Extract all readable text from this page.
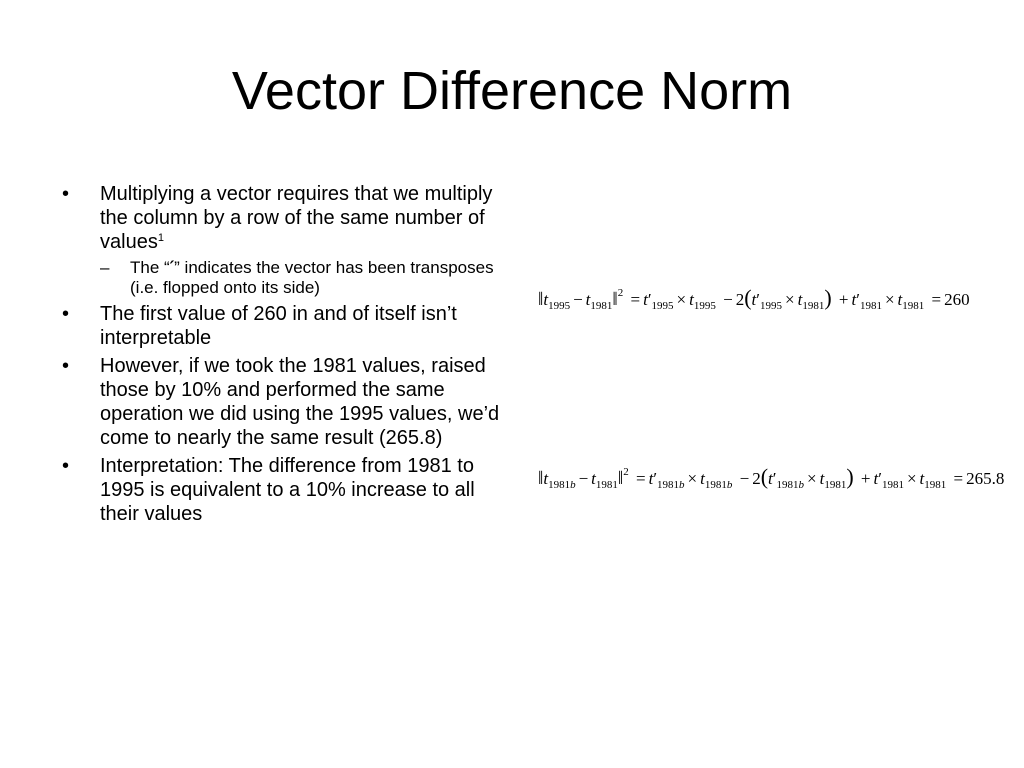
Vector Difference Norm
•	Multiplying a vector requires that we multiply the column by a row of the same number of values$^1$
–	The “′” indicates the vector has been transposes (i.e. flopped onto its side)
•	The first value of 260 in and of itself isn’t interpretable
•	However, if we took the 1981 values, raised those by 10% and performed the same operation we did using the 1995 values, we’d come to nearly the same result (265.8)
•	Interpretation: The difference from 1981 to 1995 is equivalent to a 10% increase to all their values
$‖t_{1995}$ − $t_{1981}‖^2 = t'_{1995} \times t_{1995} - 2(t'_{1995} \times t_{1981}) + t'_{1981} \times t_{1981} = 260$
$‖t_{1981b}$ − $t_{1981}‖^2 = t'_{1981b} \times t_{1981b} - 2(t'_{1981b} \times t_{1981}) + t'_{1981} \times t_{1981} = 265.8$
